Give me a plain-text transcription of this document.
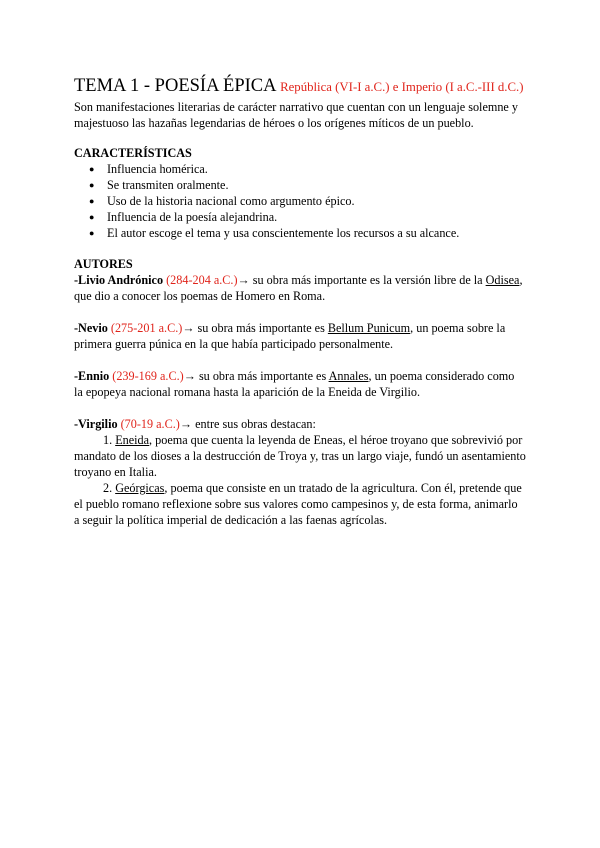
TEMA 1 - POESÍA ÉPICA República (VI-I a.C.) e Imperio (I a.C.-III d.C.)
Son manifestaciones literarias de carácter narrativo que cuentan con un lenguaje solemne y majestuoso las hazañas legendarias de héroes o los orígenes míticos de un pueblo.
CARACTERÍSTICAS
● Influencia homérica.
● Se transmiten oralmente.
● Uso de la historia nacional como argumento épico.
● Influencia de la poesía alejandrina.
● El autor escoge el tema y usa conscientemente los recursos a su alcance.
AUTORES

-Livio Andrónico (284-204 a.C.)→ su obra más importante es la versión libre de la Odisea, que dio a conocer los poemas de Homero en Roma.

-Nevio (275-201 a.C.)→ su obra más importante es Bellum Punicum, un poema sobre la primera guerra púnica en la que había participado personalmente.

-Ennio (239-169 a.C.)→ su obra más importante es Annales, un poema considerado como la epopeya nacional romana hasta la aparición de la Eneida de Virgilio.

-Virgilio (70-19 a.C.)→ entre sus obras destacan:

1. Eneida, poema que cuenta la leyenda de Eneas, el héroe troyano que sobrevivió por mandato de los dioses a la destrucción de Troya y, tras un largo viaje, fundó un asentamiento troyano en Italia.

2. Geórgicas, poema que consiste en un tratado de la agricultura. Con él, pretende que el pueblo romano reflexione sobre sus valores como campesinos y, de esta forma, animarlo a seguir la política imperial de dedicación a las faenas agrícolas.
